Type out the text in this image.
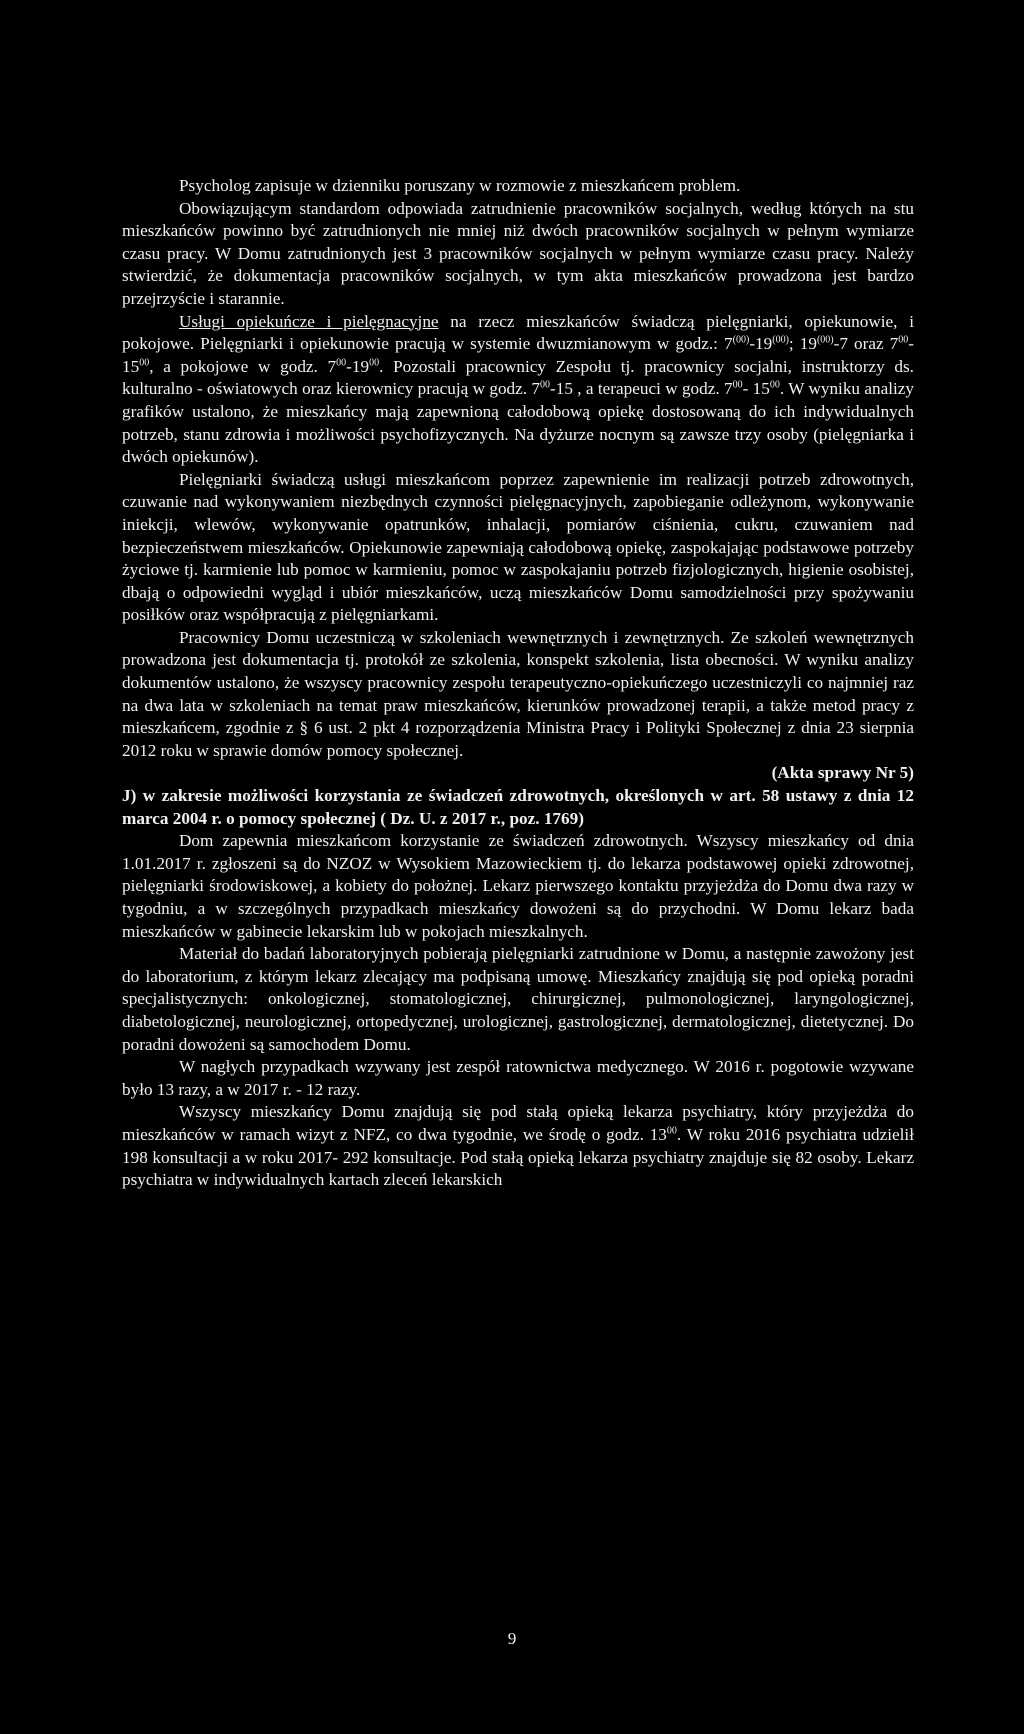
Psycholog zapisuje w dzienniku poruszany w rozmowie z mieszkańcem problem.

Obowiązującym standardom odpowiada zatrudnienie pracowników socjalnych, według których na stu mieszkańców powinno być zatrudnionych nie mniej niż dwóch pracowników socjalnych w pełnym wymiarze czasu pracy. W Domu zatrudnionych jest 3 pracowników socjalnych w pełnym wymiarze czasu pracy. Należy stwierdzić, że dokumentacja pracowników socjalnych, w tym akta mieszkańców prowadzona jest bardzo przejrzyście i starannie.

Usługi opiekuńcze i pielęgnacyjne na rzecz mieszkańców świadczą pielęgniarki, opiekunowie, i pokojowe. Pielęgniarki i opiekunowie pracują w systemie dwuzmianowym w godz.: 7$^{(00)}$-19$^{(00)}$; 19$^{(00)}$-7 oraz $7^{00}-$ $15^{00}$, a pokojowe w godz. $7^{00}-19^{00}$. Pozostali pracownicy Zespołu tj. pracownicy socjalni, instruktorzy ds. kulturalno - oświatowych oraz kierownicy pracują w godz. $7^{00}-15$ , a terapeuci w godz. $7^{00}-$ $15^{00}$. W wyniku analizy grafików ustalono, że mieszkańcy mają zapewnioną całodobową opiekę dostosowaną do ich indywidualnych potrzeb, stanu zdrowia i możliwości psychofizycznych. Na dyżurze nocnym są zawsze trzy osoby (pielęgniarka i dwóch opiekunów).

Pielęgniarki świadczą usługi mieszkańcom poprzez zapewnienie im realizacji potrzeb zdrowotnych, czuwanie nad wykonywaniem niezbędnych czynności pielęgnacyjnych, zapobieganie odleżynom, wykonywanie iniekcji, wlewów, wykonywanie opatrunków, inhalacji, pomiarów ciśnienia, cukru, czuwaniem nad bezpieczeństwem mieszkańców. Opiekunowie zapewniają całodobową opiekę, zaspokajając podstawowe potrzeby życiowe tj. karmienie lub pomoc w karmieniu, pomoc w zaspokajaniu potrzeb fizjologicznych, higienie osobistej, dbają o odpowiedni wygląd i ubiór mieszkańców, uczą mieszkańców Domu samodzielności przy spożywaniu posiłków oraz współpracują z pielęgniarkami.

Pracownicy Domu uczestniczą w szkoleniach wewnętrznych i zewnętrznych. Ze szkoleń wewnętrznych prowadzona jest dokumentacja tj. protokół ze szkolenia, konspekt szkolenia, lista obecności. W wyniku analizy dokumentów ustalono, że wszyscy pracownicy zespołu terapeutyczno-opiekuńczego uczestniczyli co najmniej raz na dwa lata w szkoleniach na temat praw mieszkańców, kierunków prowadzonej terapii, a także metod pracy z mieszkańcem, zgodnie z § 6 ust. 2 pkt 4 rozporządzenia Ministra Pracy i Polityki Społecznej z dnia 23 sierpnia 2012 roku w sprawie domów pomocy społecznej.

(Akta sprawy Nr 5)

J) w zakresie możliwości korzystania ze świadczeń zdrowotnych, określonych w art. 58 ustawy z dnia 12 marca 2004 r. o pomocy społecznej ( Dz. U. z 2017 r., poz. 1769)

Dom zapewnia mieszkańcom korzystanie ze świadczeń zdrowotnych. Wszyscy mieszkańcy od dnia 1.01.2017 r. zgłoszeni są do NZOZ w Wysokiem Mazowieckiem tj. do lekarza podstawowej opieki zdrowotnej, pielęgniarki środowiskowej, a kobiety do położnej. Lekarz pierwszego kontaktu przyjeżdża do Domu dwa razy w tygodniu, a w szczególnych przypadkach mieszkańcy dowożeni są do przychodni. W Domu lekarz bada mieszkańców w gabinecie lekarskim lub w pokojach mieszkalnych.

Materiał do badań laboratoryjnych pobierają pielęgniarki zatrudnione w Domu, a następnie zawożony jest do laboratorium, z którym lekarz zlecający ma podpisaną umowę. Mieszkańcy znajdują się pod opieką poradni specjalistycznych: onkologicznej, stomatologicznej, chirurgicznej, pulmonologicznej, laryngologicznej, diabetologicznej, neurologicznej, ortopedycznej, urologicznej, gastrologicznej, dermatologicznej, dietetycznej. Do poradni dowożeni są samochodem Domu.

W nagłych przypadkach wzywany jest zespół ratownictwa medycznego. W 2016 r. pogotowie wzywane było 13 razy, a w 2017 r. - 12 razy.

Wszyscy mieszkańcy Domu znajdują się pod stałą opieką lekarza psychiatry, który przyjeżdża do mieszkańców w ramach wizyt z NFZ, co dwa tygodnie, we środę o godz. $13^{00}$. W roku 2016 psychiatra udzielił 198 konsultacji a w roku 2017- 292 konsultacje. Pod stałą opieką lekarza psychiatry znajduje się 82 osoby. Lekarz psychiatra w indywidualnych kartach zleceń lekarskich

9
